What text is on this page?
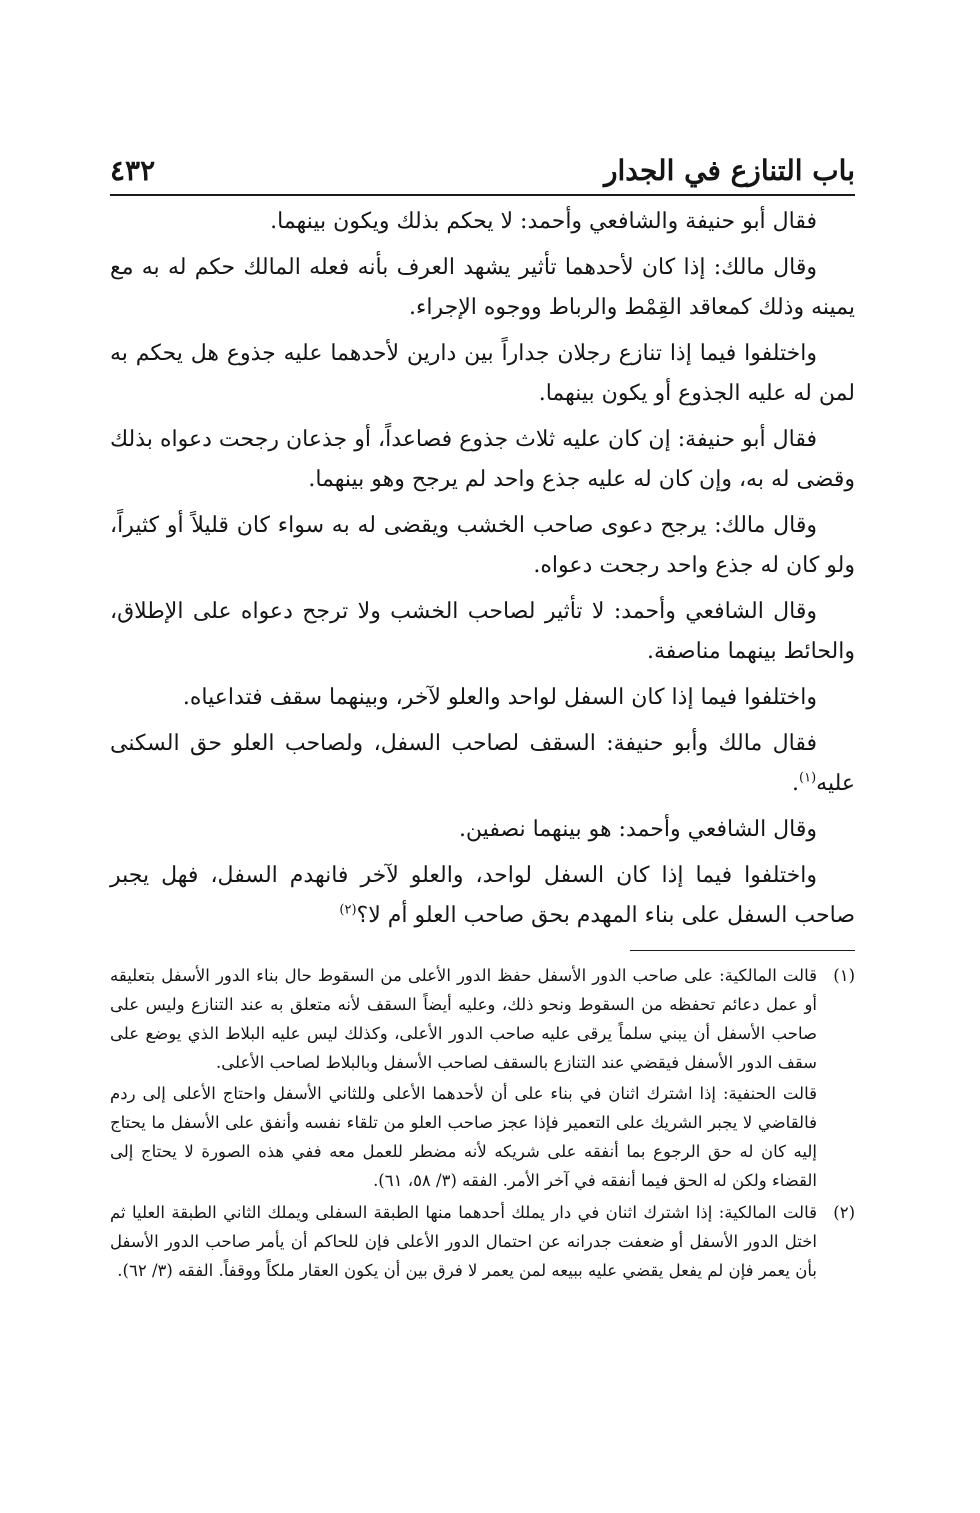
باب التنازع في الجدار
٤٣٢

فقال أبو حنيفة والشافعي وأحمد: لا يحكم بذلك ويكون بينهما.

وقال مالك: إذا كان لأحدهما تأثير يشهد العرف بأنه فعله المالك حكم له به مع يمينه وذلك كمعاقد القِمْط والرباط ووجوه الإجراء.

واختلفوا فيما إذا تنازع رجلان جداراً بين دارين لأحدهما عليه جذوع هل يحكم به لمن له عليه الجذوع أو يكون بينهما.

فقال أبو حنيفة: إن كان عليه ثلاث جذوع فصاعداً، أو جذعان رجحت دعواه بذلك وقضى له به، وإن كان له عليه جذع واحد لم يرجح وهو بينهما.

وقال مالك: يرجح دعوى صاحب الخشب ويقضى له به سواء كان قليلاً أو كثيراً، ولو كان له جذع واحد رجحت دعواه.

وقال الشافعي وأحمد: لا تأثير لصاحب الخشب ولا ترجح دعواه على الإطلاق، والحائط بينهما مناصفة.

واختلفوا فيما إذا كان السفل لواحد والعلو لآخر، وبينهما سقف فتداعياه.

فقال مالك وأبو حنيفة: السقف لصاحب السفل، ولصاحب العلو حق السكنى عليه$^{(١)}$.

وقال الشافعي وأحمد: هو بينهما نصفين.

واختلفوا فيما إذا كان السفل لواحد، والعلو لآخر فانهدم السفل، فهل يجبر صاحب السفل على بناء المهدم بحق صاحب العلو أم لا؟$^{(٢)}$

(١)

قالت المالكية: على صاحب الدور الأسفل حفظ الدور الأعلى من السقوط حال بناء الدور الأسفل بتعليقه أو عمل دعائم تحفظه من السقوط ونحو ذلك، وعليه أيضاً السقف لأنه متعلق به عند التنازع وليس على صاحب الأسفل أن يبني سلماً يرقى عليه صاحب الدور الأعلى، وكذلك ليس عليه البلاط الذي يوضع على سقف الدور الأسفل فيقضي عند التنازع بالسقف لصاحب الأسفل وبالبلاط لصاحب الأعلى.

قالت الحنفية: إذا اشترك اثنان في بناء على أن لأحدهما الأعلى وللثاني الأسفل واحتاج الأعلى إلى ردم فالقاضي لا يجبر الشريك على التعمير فإذا عجز صاحب العلو من تلقاء نفسه وأنفق على الأسفل ما يحتاج إليه كان له حق الرجوع بما أنفقه على شريكه لأنه مضطر للعمل معه ففي هذه الصورة لا يحتاج إلى القضاء ولكن له الحق فيما أنفقه في آخر الأمر. الفقه (٣/ ٥٨، ٦١).

(٢)

قالت المالكية: إذا اشترك اثنان في دار يملك أحدهما منها الطبقة السفلى ويملك الثاني الطبقة العليا ثم اختل الدور الأسفل أو ضعفت جدرانه عن احتمال الدور الأعلى فإن للحاكم أن يأمر صاحب الدور الأسفل بأن يعمر فإن لم يفعل يقضي عليه ببيعه لمن يعمر لا فرق بين أن يكون العقار ملكاً ووقفاً. الفقه (٣/ ٦٢).
